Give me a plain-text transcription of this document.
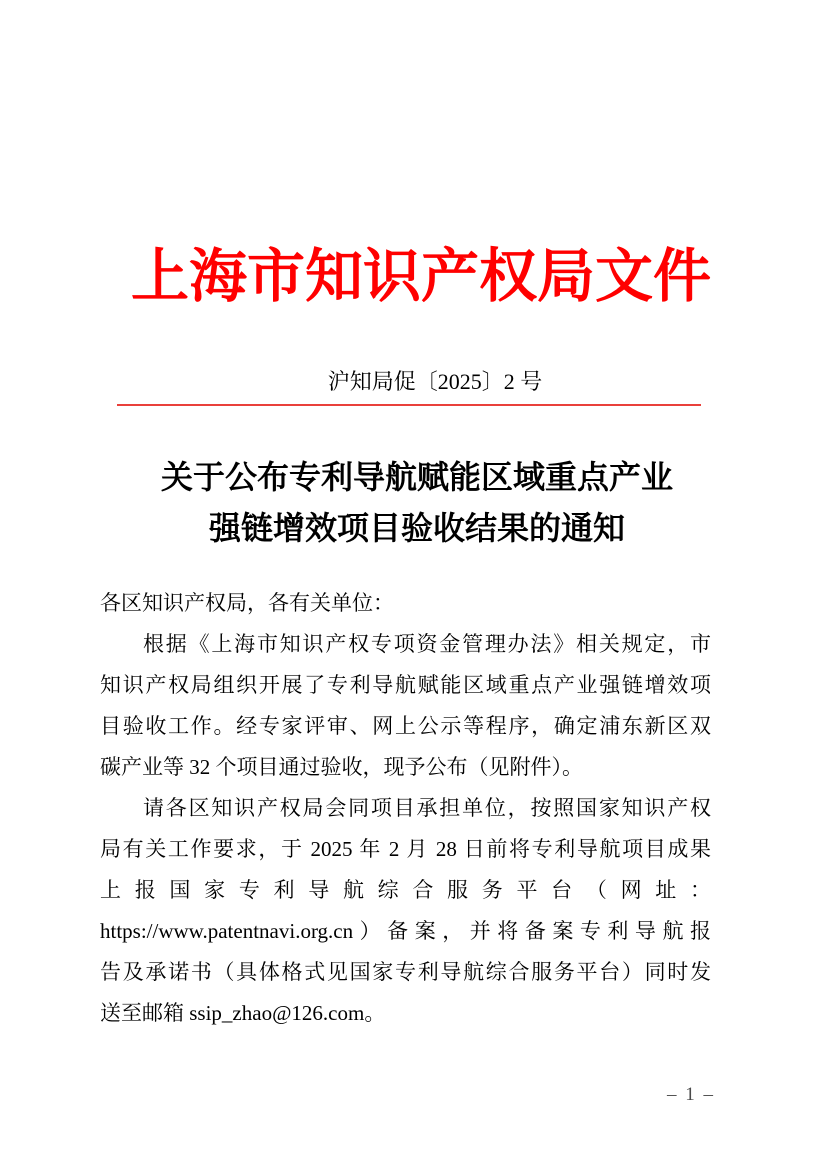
上海市知识产权局文件
沪知局促〔2025〕2 号
关于公布专利导航赋能区域重点产业
强链增效项目验收结果的通知
各区知识产权局，各有关单位：
根据《上海市知识产权专项资金管理办法》相关规定，市
知识产权局组织开展了专利导航赋能区域重点产业强链增效项
目验收工作。经专家评审、网上公示等程序，确定浦东新区双
碳产业等 32 个项目通过验收，现予公布（见附件）。
请各区知识产权局会同项目承担单位，按照国家知识产权
局有关工作要求，于 2025 年 2 月 28 日前将专利导航项目成果
上报国家专利导航综合服务平台（网址：
https://www.patentnavi.org.cn）备案，并将备案专利导航报
告及承诺书（具体格式见国家专利导航综合服务平台）同时发
送至邮箱 ssip_zhao@126.com。
– 1 –
